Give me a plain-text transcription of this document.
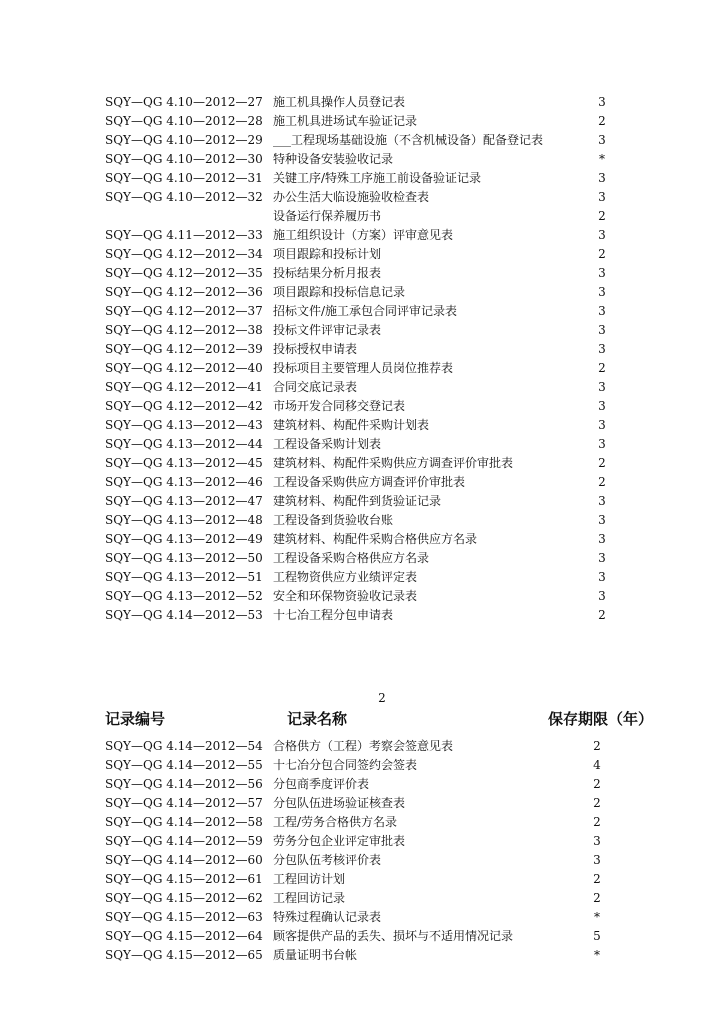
SQY—QG 4.10—2012—27 施工机具操作人员登记表	3
SQY—QG 4.10—2012—28 施工机具进场试车验证记录	2
SQY—QG 4.10—2012—29 ___工程现场基础设施（不含机械设备）配备登记表	3
SQY—QG 4.10—2012—30 特种设备安装验收记录	*
SQY—QG 4.10—2012—31 关键工序/特殊工序施工前设备验证记录	3
SQY—QG 4.10—2012—32 办公生活大临设施验收检查表	3
设备运行保养履历书	2
SQY—QG 4.11—2012—33 施工组织设计（方案）评审意见表	3
SQY—QG 4.12—2012—34 项目跟踪和投标计划	2
SQY—QG 4.12—2012—35 投标结果分析月报表	3
SQY—QG 4.12—2012—36 项目跟踪和投标信息记录	3
SQY—QG 4.12—2012—37 招标文件/施工承包合同评审记录表	3
SQY—QG 4.12—2012—38 投标文件评审记录表	3
SQY—QG 4.12—2012—39 投标授权申请表	3
SQY—QG 4.12—2012—40 投标项目主要管理人员岗位推荐表	2
SQY—QG 4.12—2012—41 合同交底记录表	3
SQY—QG 4.12—2012—42 市场开发合同移交登记表	3
SQY—QG 4.13—2012—43 建筑材料、构配件采购计划表	3
SQY—QG 4.13—2012—44 工程设备采购计划表	3
SQY—QG 4.13—2012—45 建筑材料、构配件采购供应方调查评价审批表	2
SQY—QG 4.13—2012—46 工程设备采购供应方调查评价审批表	2
SQY—QG 4.13—2012—47 建筑材料、构配件到货验证记录	3
SQY—QG 4.13—2012—48 工程设备到货验收台账	3
SQY—QG 4.13—2012—49 建筑材料、构配件采购合格供应方名录	3
SQY—QG 4.13—2012—50 工程设备采购合格供应方名录	3
SQY—QG 4.13—2012—51 工程物资供应方业绩评定表	3
SQY—QG 4.13—2012—52 安全和环保物资验收记录表	3
SQY—QG 4.14—2012—53 十七冶工程分包申请表	2
2
记录编号	记录名称	保存期限（年）
SQY—QG 4.14—2012—54 合格供方（工程）考察会签意见表	2
SQY—QG 4.14—2012—55 十七冶分包合同签约会签表	4
SQY—QG 4.14—2012—56 分包商季度评价表	2
SQY—QG 4.14—2012—57 分包队伍进场验证核查表	2
SQY—QG 4.14—2012—58 工程/劳务合格供方名录	2
SQY—QG 4.14—2012—59 劳务分包企业评定审批表	3
SQY—QG 4.14—2012—60 分包队伍考核评价表	3
SQY—QG 4.15—2012—61 工程回访计划	2
SQY—QG 4.15—2012—62 工程回访记录	2
SQY—QG 4.15—2012—63 特殊过程确认记录表	*
SQY—QG 4.15—2012—64 顾客提供产品的丢失、损坏与不适用情况记录	5
SQY—QG 4.15—2012—65 质量证明书台帐	*
